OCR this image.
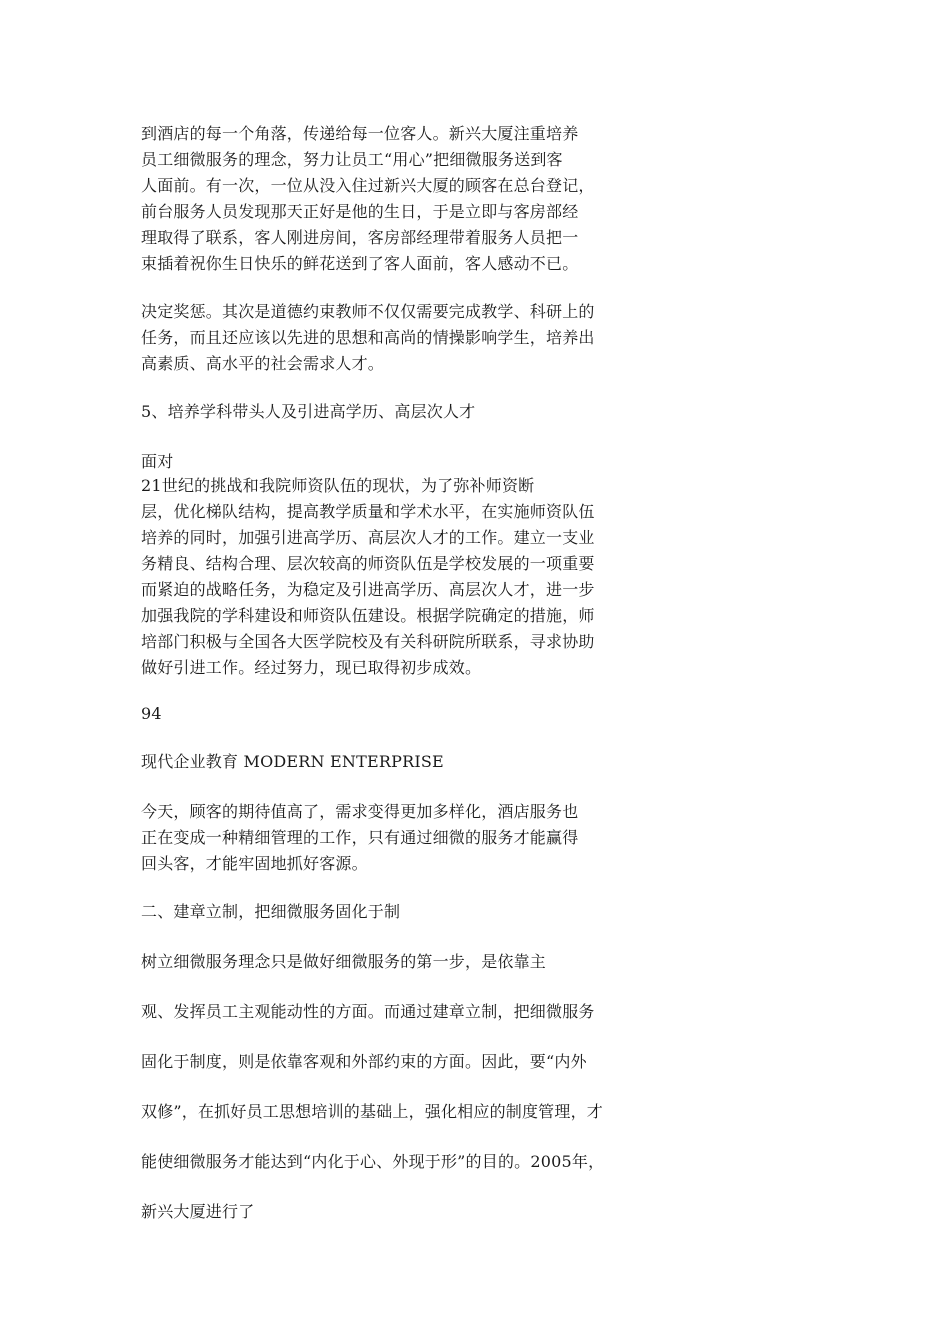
到酒店的每一个角落，传递给每一位客人。新兴大厦注重培养
员工细微服务的理念，努力让员工“用心”把细微服务送到客
人面前。有一次，一位从没入住过新兴大厦的顾客在总台登记，
前台服务人员发现那天正好是他的生日，于是立即与客房部经
理取得了联系，客人刚进房间，客房部经理带着服务人员把一
束插着祝你生日快乐的鲜花送到了客人面前，客人感动不已。
决定奖惩。其次是道德约束教师不仅仅需要完成教学、科研上的
任务，而且还应该以先进的思想和高尚的情操影响学生，培养出
高素质、高水平的社会需求人才。
5、培养学科带头人及引进高学历、高层次人才
面对
21世纪的挑战和我院师资队伍的现状，为了弥补师资断
层，优化梯队结构，提高教学质量和学术水平，在实施师资队伍
培养的同时，加强引进高学历、高层次人才的工作。建立一支业
务精良、结构合理、层次较高的师资队伍是学校发展的一项重要
而紧迫的战略任务，为稳定及引进高学历、高层次人才，进一步
加强我院的学科建设和师资队伍建设。根据学院确定的措施，师
培部门积极与全国各大医学院校及有关科研院所联系，寻求协助
做好引进工作。经过努力，现已取得初步成效。
94
现代企业教育 MODERN ENTERPRISE
今天，顾客的期待值高了，需求变得更加多样化，酒店服务也
正在变成一种精细管理的工作，只有通过细微的服务才能赢得
回头客，才能牢固地抓好客源。
二、建章立制，把细微服务固化于制
树立细微服务理念只是做好细微服务的第一步，是依靠主
观、发挥员工主观能动性的方面。而通过建章立制，把细微服务
固化于制度，则是依靠客观和外部约束的方面。因此，要“内外
双修”，在抓好员工思想培训的基础上，强化相应的制度管理，才
能使细微服务才能达到“内化于心、外现于形”的目的。2005年，
新兴大厦进行了
